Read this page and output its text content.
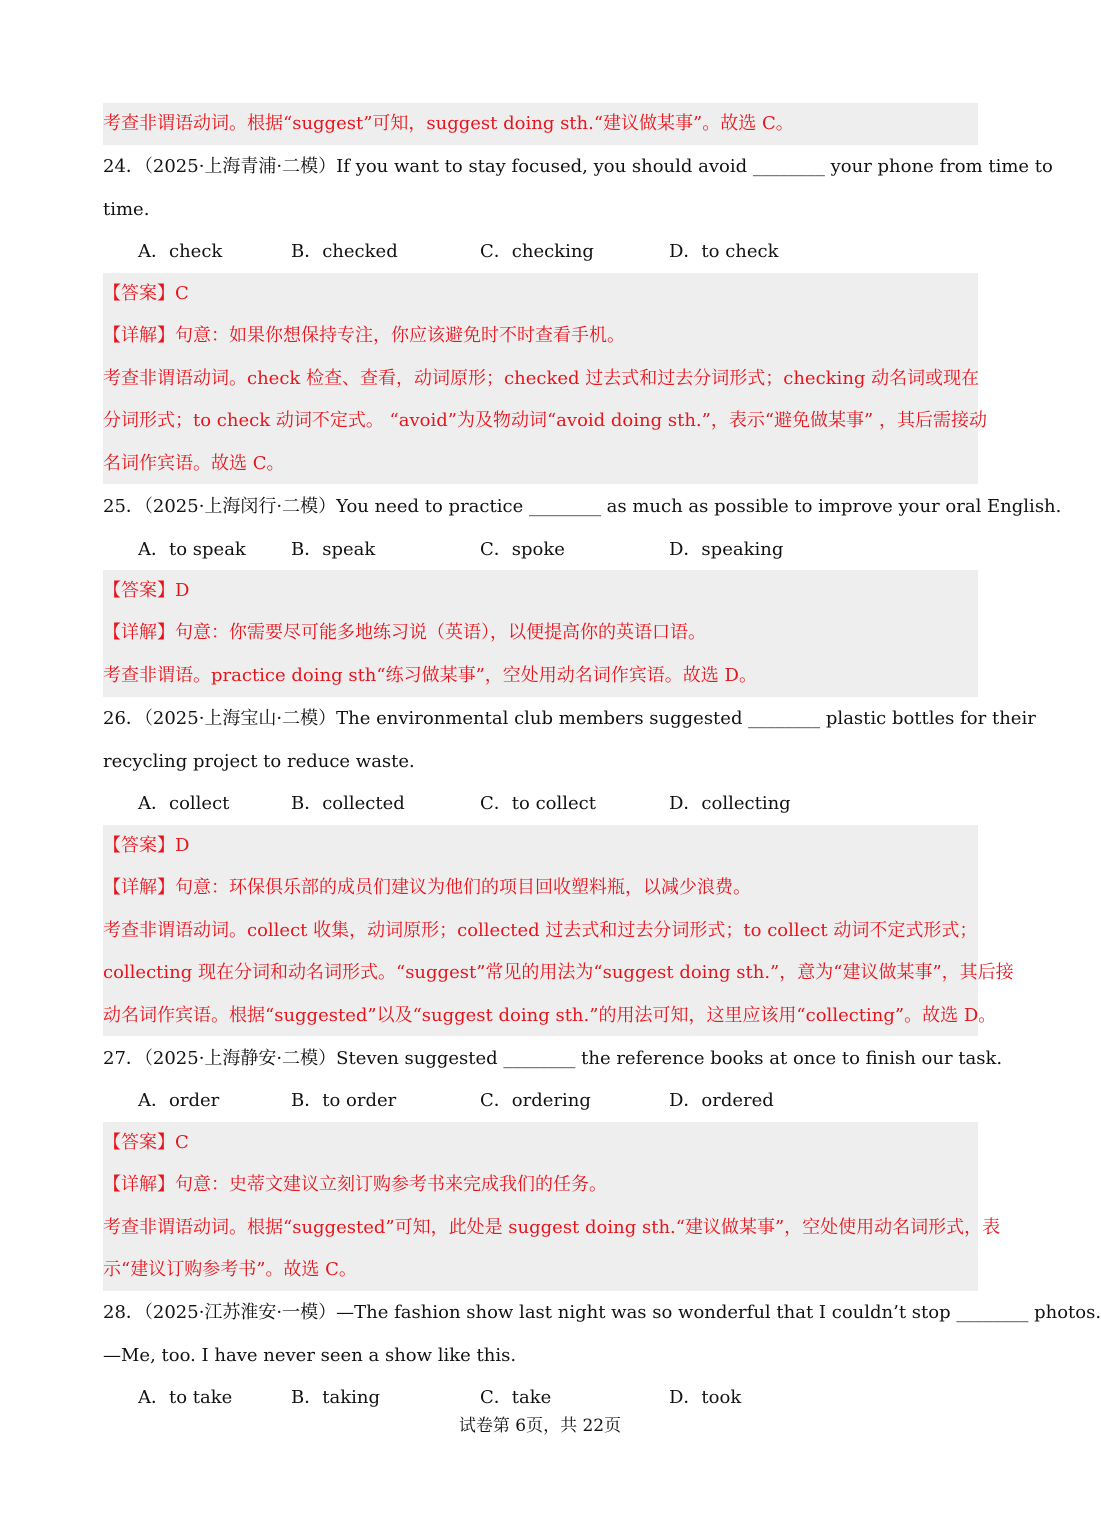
考查非谓语动词。根据“suggest”可知，suggest doing sth.“建议做某事”。故选 C。
24．（2025·上海青浦·二模）If you want to stay focused, you should avoid ________ your phone from time to
time.
A．check	B．checked	C．checking	D．to check
【答案】C
【详解】句意：如果你想保持专注，你应该避免时不时查看手机。
考查非谓语动词。check 检查、查看，动词原形；checked 过去式和过去分词形式；checking 动名词或现在
分词形式；to check 动词不定式。 “avoid”为及物动词“avoid doing sth.”，表示“避免做某事” ，其后需接动
名词作宾语。故选 C。
25．（2025·上海闵行·二模）You need to practice ________ as much as possible to improve your oral English.
A．to speak	B．speak	C．spoke	D．speaking
【答案】D
【详解】句意：你需要尽可能多地练习说（英语），以便提高你的英语口语。
考查非谓语。practice doing sth“练习做某事”，空处用动名词作宾语。故选 D。
26．（2025·上海宝山·二模）The environmental club members suggested ________ plastic bottles for their
recycling project to reduce waste.
A．collect	B．collected	C．to collect	D．collecting
【答案】D
【详解】句意：环保俱乐部的成员们建议为他们的项目回收塑料瓶，以减少浪费。
考查非谓语动词。collect 收集，动词原形；collected 过去式和过去分词形式；to collect 动词不定式形式；
collecting 现在分词和动名词形式。“suggest”常见的用法为“suggest doing sth.”，意为“建议做某事”，其后接
动名词作宾语。根据“suggested”以及“suggest doing sth.”的用法可知，这里应该用“collecting”。故选 D。
27．（2025·上海静安·二模）Steven suggested ________ the reference books at once to finish our task.
A．order	B．to order	C．ordering	D．ordered
【答案】C
【详解】句意：史蒂文建议立刻订购参考书来完成我们的任务。
考查非谓语动词。根据“suggested”可知，此处是 suggest doing sth.“建议做某事”，空处使用动名词形式，表
示“建议订购参考书”。故选 C。
28．（2025·江苏淮安·一模）—The fashion show last night was so wonderful that I couldn’t stop ________ photos.
—Me, too. I have never seen a show like this.
A．to take	B．taking	C．take	D．took
试卷第 6页，共 22页
